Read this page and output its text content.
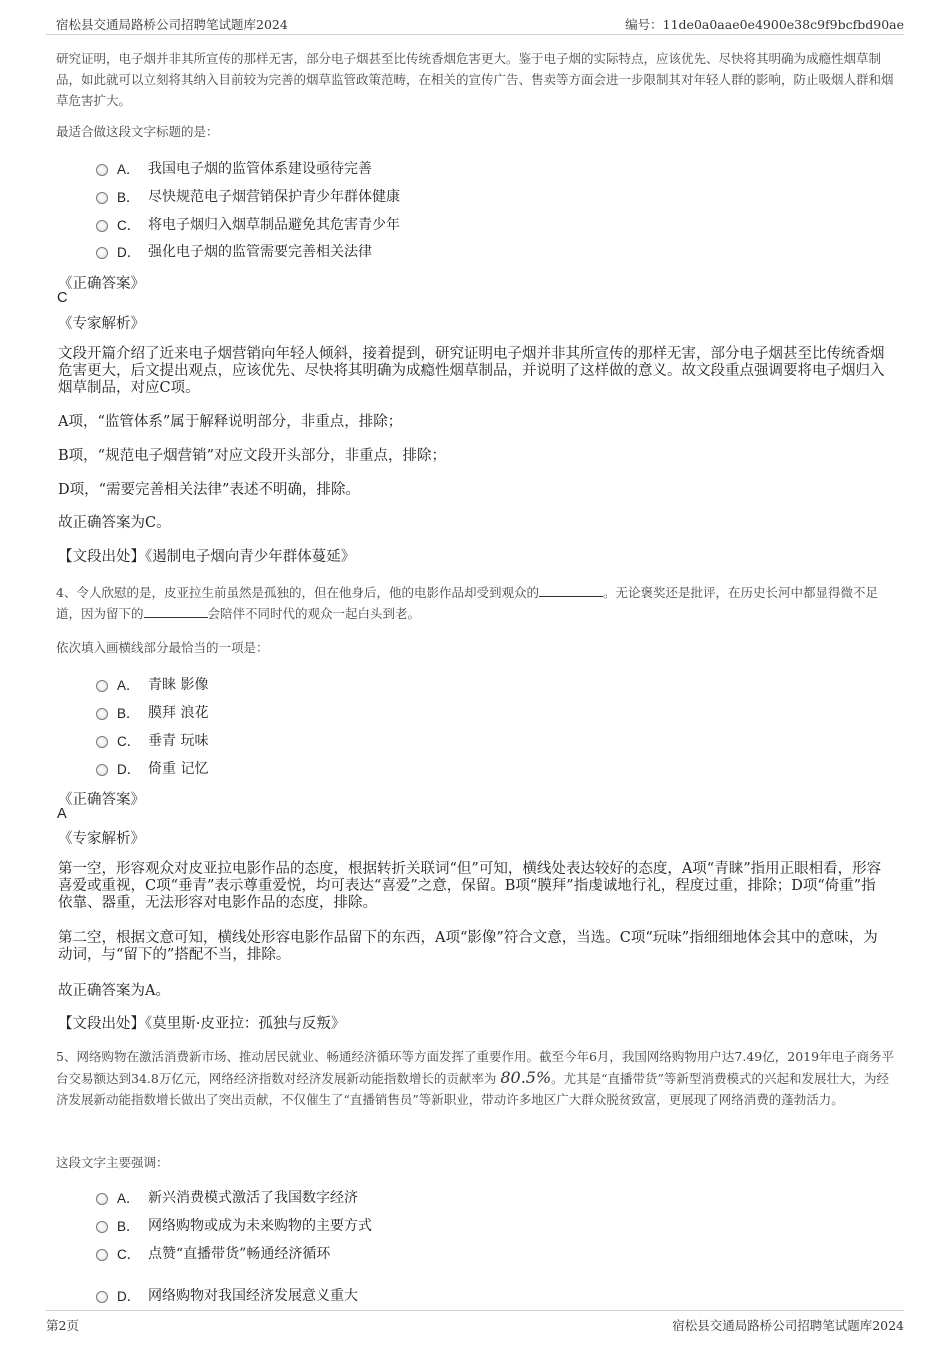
宿松县交通局路桥公司招聘笔试题库2024	编号：11de0a0aae0e4900e38c9f9bcfbd90ae

研究证明，电子烟并非其所宣传的那样无害，部分电子烟甚至比传统香烟危害更大。鉴于电子烟的实际特点，应该优先、尽快将其明确为成瘾性烟草制品，如此就可以立刻将其纳入目前较为完善的烟草监管政策范畴，在相关的宣传广告、售卖等方面会进一步限制其对年轻人群的影响，防止吸烟人群和烟草危害扩大。

最适合做这段文字标题的是：

A． 我国电子烟的监管体系建设亟待完善
B． 尽快规范电子烟营销保护青少年群体健康
C． 将电子烟归入烟草制品避免其危害青少年
D． 强化电子烟的监管需要完善相关法律
《正确答案》
C
《专家解析》

文段开篇介绍了近来电子烟营销向年轻人倾斜，接着提到，研究证明电子烟并非其所宣传的那样无害，部分电子烟甚至比传统香烟危害更大，后文提出观点，应该优先、尽快将其明确为成瘾性烟草制品，并说明了这样做的意义。故文段重点强调要将电子烟归入烟草制品，对应C项。

A项，“监管体系”属于解释说明部分，非重点，排除；

B项，“规范电子烟营销”对应文段开头部分，非重点，排除；

D项，“需要完善相关法律”表述不明确，排除。

故正确答案为C。

【文段出处】《遏制电子烟向青少年群体蔓延》

4、令人欣慰的是，皮亚拉生前虽然是孤独的，但在他身后，他的电影作品却受到观众的	。无论褒奖还是批评，在历史长河中都显得微不足道，因为留下的	会陪伴不同时代的观众一起白头到老。

依次填入画横线部分最恰当的一项是：

A． 青睐 影像
B． 膜拜 浪花
C． 垂青 玩味
D． 倚重 记忆
《正确答案》
A
《专家解析》

第一空，形容观众对皮亚拉电影作品的态度，根据转折关联词“但”可知，横线处表达较好的态度，A项“青睐”指用正眼相看，形容喜爱或重视，C项“垂青”表示尊重爱悦，均可表达“喜爱”之意，保留。B项“膜拜”指虔诚地行礼，程度过重，排除；D项“倚重”指依靠、器重，无法形容对电影作品的态度，排除。

第二空，根据文意可知，横线处形容电影作品留下的东西，A项“影像”符合文意，当选。C项“玩味”指细细地体会其中的意味，为动词，与“留下的”搭配不当，排除。

故正确答案为A。

【文段出处】《莫里斯·皮亚拉：孤独与反叛》

5、网络购物在激活消费新市场、推动居民就业、畅通经济循环等方面发挥了重要作用。截至今年6月，我国网络购物用户达7.49亿，2019年电子商务平台交易额达到34.8万亿元，网络经济指数对经济发展新动能指数增长的贡献率为 80.5%。尤其是“直播带货”等新型消费模式的兴起和发展壮大，为经济发展新动能指数增长做出了突出贡献，不仅催生了“直播销售员”等新职业，带动许多地区广大群众脱贫致富，更展现了网络消费的蓬勃活力。

这段文字主要强调：

A． 新兴消费模式激活了我国数字经济
B． 网络购物或成为未来购物的主要方式
C． 点赞“直播带货”畅通经济循环
D． 网络购物对我国经济发展意义重大
第2页	宿松县交通局路桥公司招聘笔试题库2024
